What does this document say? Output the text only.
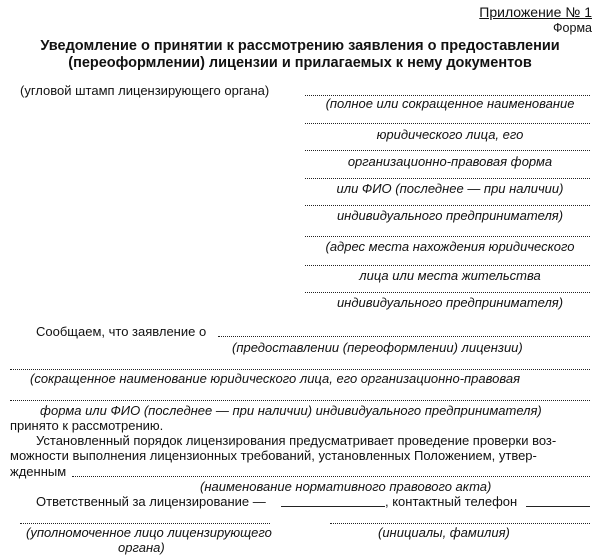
Приложение № 1
Форма
Уведомление о принятии к рассмотрению заявления о предоставлении
(переоформлении) лицензии и прилагаемых к нему документов
(угловой штамп лицензирующего органа)
(полное или сокращенное наименование
юридического лица, его
организационно-правовая форма
или ФИО (последнее — при наличии)
индивидуального предпринимателя)
(адрес места нахождения юридического
лица или места жительства
индивидуального предпринимателя)
Сообщаем, что заявление о
(предоставлении (переоформлении) лицензии)
(сокращенное наименование юридического лица, его организационно-правовая
форма или ФИО (последнее — при наличии) индивидуального предпринимателя)
принято к рассмотрению.
Установленный порядок лицензирования предусматривает проведение проверки воз-
можности выполнения лицензионных требований, установленных Положением, утвер-
жденным
(наименование нормативного правового акта)
Ответственный за лицензирование —	, контактный телефон
(уполномоченное лицо лицензирующего
органа)
(инициалы, фамилия)
